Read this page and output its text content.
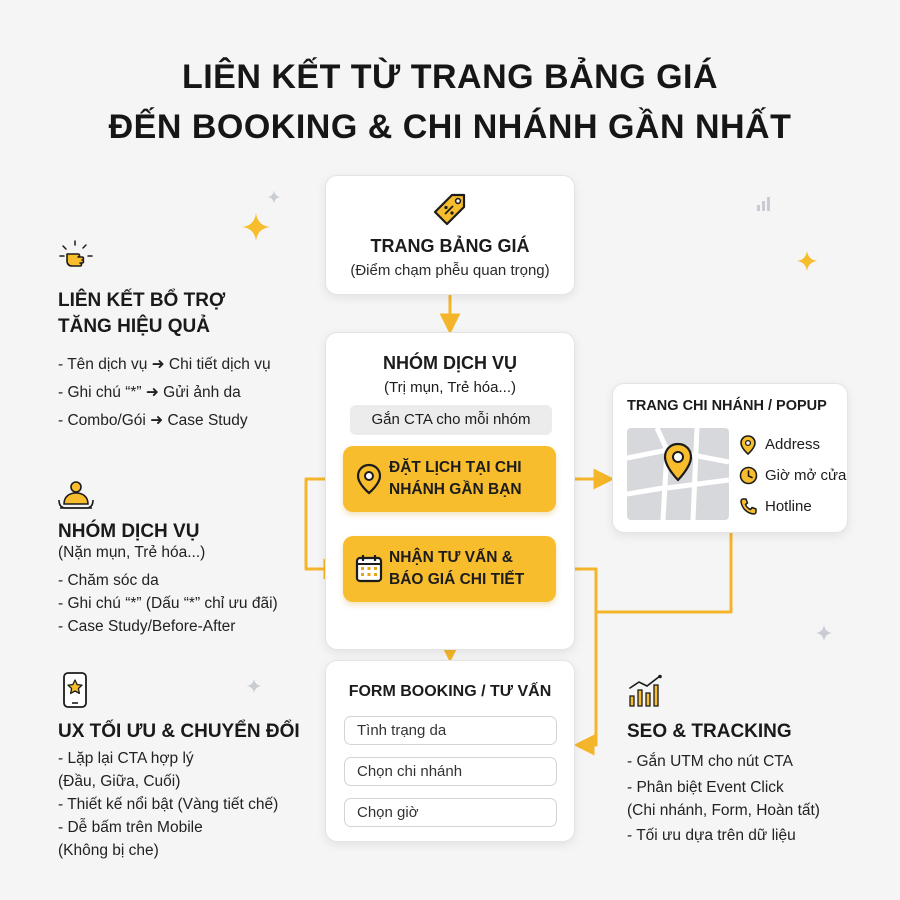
LIÊN KẾT TỪ TRANG BẢNG GIÁ
ĐẾN BOOKING & CHI NHÁNH GẦN NHẤT
TRANG BẢNG GIÁ
(Điểm chạm phễu quan trọng)
NHÓM DỊCH VỤ
(Trị mụn, Trẻ hóa...)
Gắn CTA cho mỗi nhóm
ĐẶT LỊCH TẠI CHI
NHÁNH GẦN BẠN
NHẬN TƯ VẤN &
BÁO GIÁ CHI TIẾT
TRANG CHI NHÁNH / POPUP
Address
Giờ mở cửa
Hotline
FORM BOOKING / TƯ VẤN
Tình trạng da
Chọn chi nhánh
Chọn giờ
LIÊN KẾT BỔ TRỢ
TĂNG HIỆU QUẢ
- Tên dịch vụ ➜ Chi tiết dịch vụ
- Ghi chú “*” ➜ Gửi ảnh da
- Combo/Gói ➜ Case Study
NHÓM DỊCH VỤ
(Nặn mụn, Trẻ hóa...)
- Chăm sóc da
- Ghi chú “*” (Dấu “*” chỉ ưu đãi)
- Case Study/Before-After
UX TỐI ƯU & CHUYỂN ĐỔI
- Lặp lại CTA hợp lý
(Đầu, Giữa, Cuối)
- Thiết kế nổi bật (Vàng tiết chế)
- Dễ bấm trên Mobile
(Không bị che)
SEO & TRACKING
- Gắn UTM cho nút CTA
- Phân biệt Event Click
(Chi nhánh, Form, Hoàn tất)
- Tối ưu dựa trên dữ liệu
